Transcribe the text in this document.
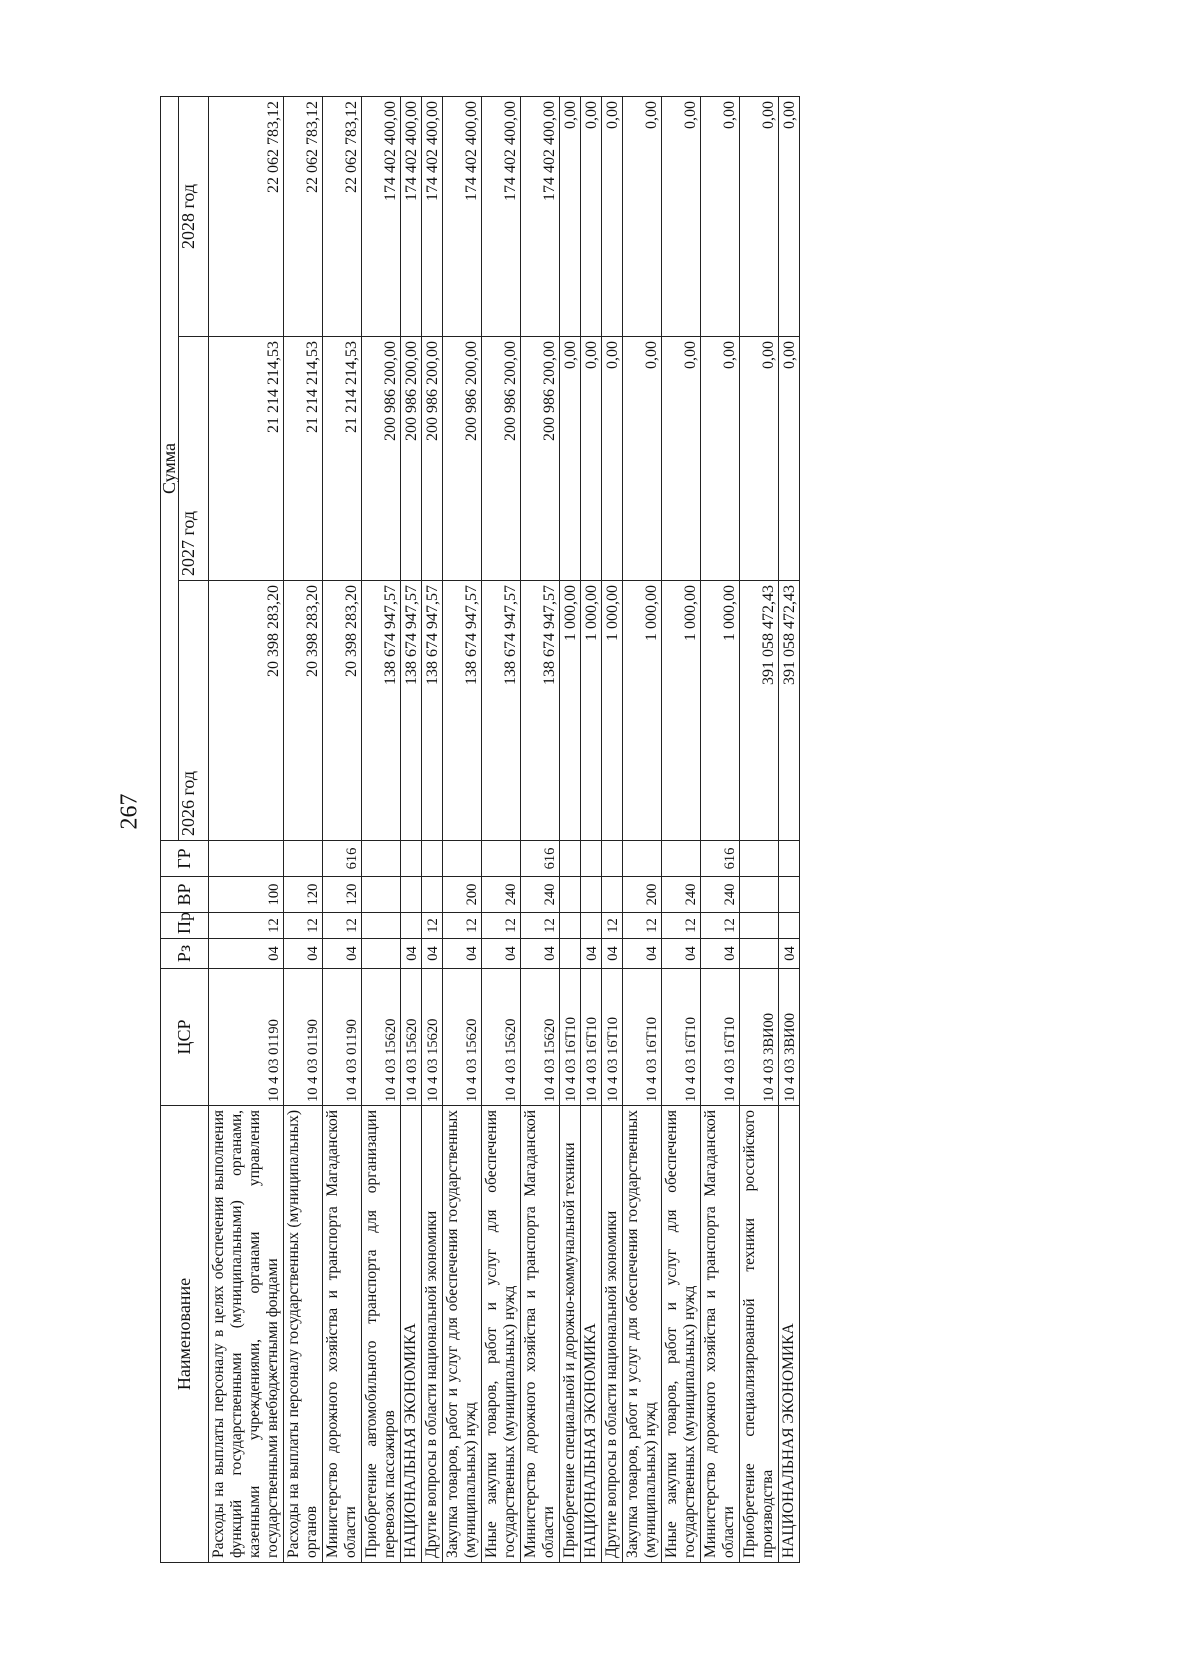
267
Наименование	ЦСР	Рз	Пр	ВР	ГР	Сумма		
						2026 год	2027 год	2028 год
Расходы на выплаты персоналу в целях обеспечения выполнения функций государственными (муниципальными) органами, казенными учреждениями, органами управления государственными внебюджетными фондами	10 4 03 01190	04	12	100		20 398 283,20	21 214 214,53	22 062 783,12
Расходы на выплаты персоналу государственных (муниципальных) органов	10 4 03 01190	04	12	120		20 398 283,20	21 214 214,53	22 062 783,12
Министерство дорожного хозяйства и транспорта Магаданской области	10 4 03 01190	04	12	120	616	20 398 283,20	21 214 214,53	22 062 783,12
Приобретение автомобильного транспорта для организации перевозок пассажиров	10 4 03 15620					138 674 947,57	200 986 200,00	174 402 400,00
НАЦИОНАЛЬНАЯ ЭКОНОМИКА	10 4 03 15620	04				138 674 947,57	200 986 200,00	174 402 400,00
Другие вопросы в области национальной экономики	10 4 03 15620	04	12			138 674 947,57	200 986 200,00	174 402 400,00
Закупка товаров, работ и услуг для обеспечения государственных (муниципальных) нужд	10 4 03 15620	04	12	200		138 674 947,57	200 986 200,00	174 402 400,00
Иные закупки товаров, работ и услуг для обеспечения государственных (муниципальных) нужд	10 4 03 15620	04	12	240		138 674 947,57	200 986 200,00	174 402 400,00
Министерство дорожного хозяйства и транспорта Магаданской области	10 4 03 15620	04	12	240	616	138 674 947,57	200 986 200,00	174 402 400,00
Приобретение специальной и дорожно-коммунальной техники	10 4 03 16Т10					1 000,00	0,00	0,00
НАЦИОНАЛЬНАЯ ЭКОНОМИКА	10 4 03 16Т10	04				1 000,00	0,00	0,00
Другие вопросы в области национальной экономики	10 4 03 16Т10	04	12			1 000,00	0,00	0,00
Закупка товаров, работ и услуг для обеспечения государственных (муниципальных) нужд	10 4 03 16Т10	04	12	200		1 000,00	0,00	0,00
Иные закупки товаров, работ и услуг для обеспечения государственных (муниципальных) нужд	10 4 03 16Т10	04	12	240		1 000,00	0,00	0,00
Министерство дорожного хозяйства и транспорта Магаданской области	10 4 03 16Т10	04	12	240	616	1 000,00	0,00	0,00
Приобретение специализированной техники российского производства	10 4 03 3ВИ00					391 058 472,43	0,00	0,00
НАЦИОНАЛЬНАЯ ЭКОНОМИКА	10 4 03 3ВИ00	04				391 058 472,43	0,00	0,00
